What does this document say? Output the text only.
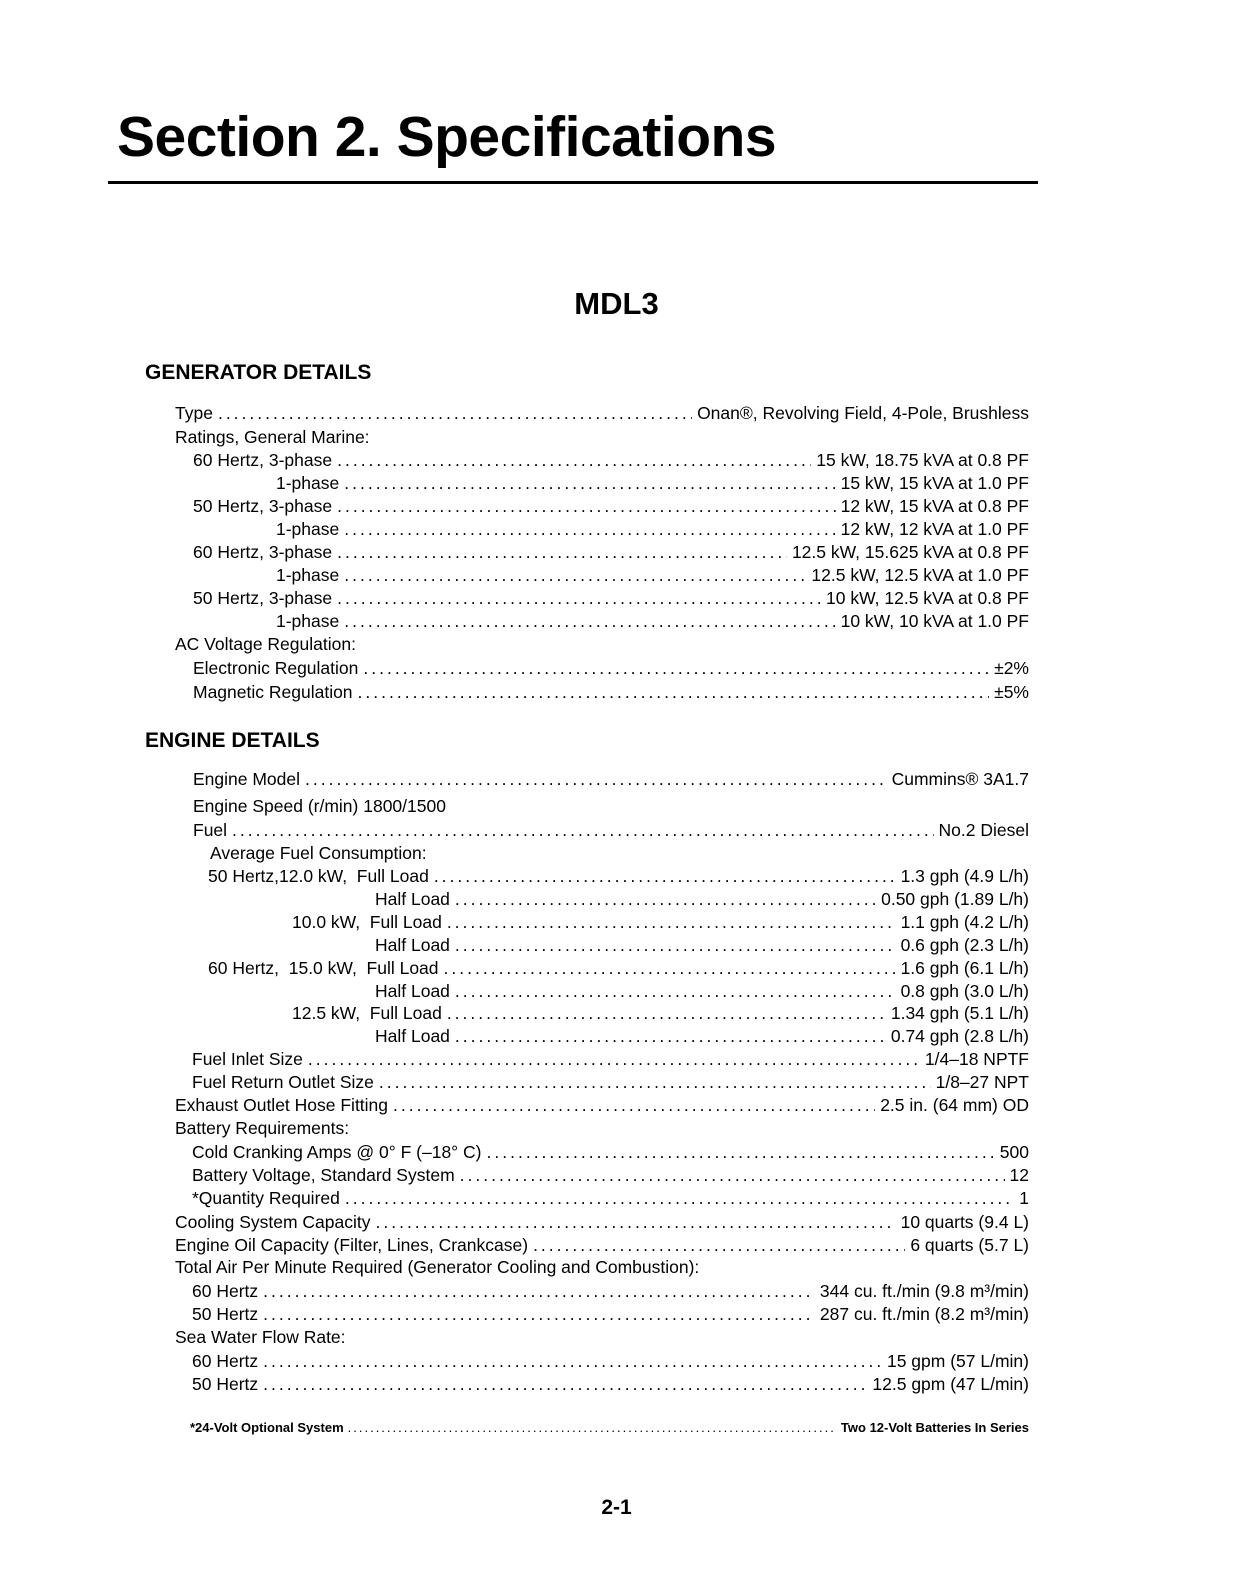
Section 2. Specifications
MDL3
GENERATOR DETAILS
Type .....	Onan®, Revolving Field, 4-Pole, Brushless
Ratings, General Marine:
60 Hertz, 3-phase .....	15 kW, 18.75 kVA at 0.8 PF
1-phase .....	15 kW, 15 kVA at 1.0 PF
50 Hertz, 3-phase .....	12 kW, 15 kVA at 0.8 PF
1-phase .....	12 kW, 12 kVA at 1.0 PF
60 Hertz, 3-phase .....	12.5 kW, 15.625 kVA at 0.8 PF
1-phase .....	12.5 kW, 12.5 kVA at 1.0 PF
50 Hertz, 3-phase .....	10 kW, 12.5 kVA at 0.8 PF
1-phase .....	10 kW, 10 kVA at 1.0 PF
AC Voltage Regulation:
Electronic Regulation .....	±2%
Magnetic Regulation .....	±5%
ENGINE DETAILS
Engine Model .....	Cummins® 3A1.7
Engine Speed (r/min) 1800/1500
Fuel .....	No.2 Diesel
Average Fuel Consumption:
50 Hertz,12.0 kW,  Full Load .....	1.3 gph (4.9 L/h)
Half Load .....	0.50 gph (1.89 L/h)
10.0 kW,  Full Load .....	1.1 gph (4.2 L/h)
Half Load .....	0.6 gph (2.3 L/h)
60 Hertz,  15.0 kW,  Full Load .....	1.6 gph (6.1 L/h)
Half Load .....	0.8 gph (3.0 L/h)
12.5 kW,  Full Load .....	1.34 gph (5.1 L/h)
Half Load .....	0.74 gph (2.8 L/h)
Fuel Inlet Size .....	1/4–18 NPTF
Fuel Return Outlet Size .....	1/8–27 NPT
Exhaust Outlet Hose Fitting .....	2.5 in. (64 mm) OD
Battery Requirements:
Cold Cranking Amps @ 0° F (–18° C) .....	500
Battery Voltage, Standard System .....	12
*Quantity Required .....	1
Cooling System Capacity .....	10 quarts (9.4 L)
Engine Oil Capacity (Filter, Lines, Crankcase) .....	6 quarts (5.7 L)
Total Air Per Minute Required (Generator Cooling and Combustion):
60 Hertz .....	344 cu. ft./min (9.8 m³/min)
50 Hertz .....	287 cu. ft./min (8.2 m³/min)
Sea Water Flow Rate:
60 Hertz .....	15 gpm (57 L/min)
50 Hertz .....	12.5 gpm (47 L/min)
*24-Volt Optional System .....	Two 12-Volt Batteries In Series

2-1
